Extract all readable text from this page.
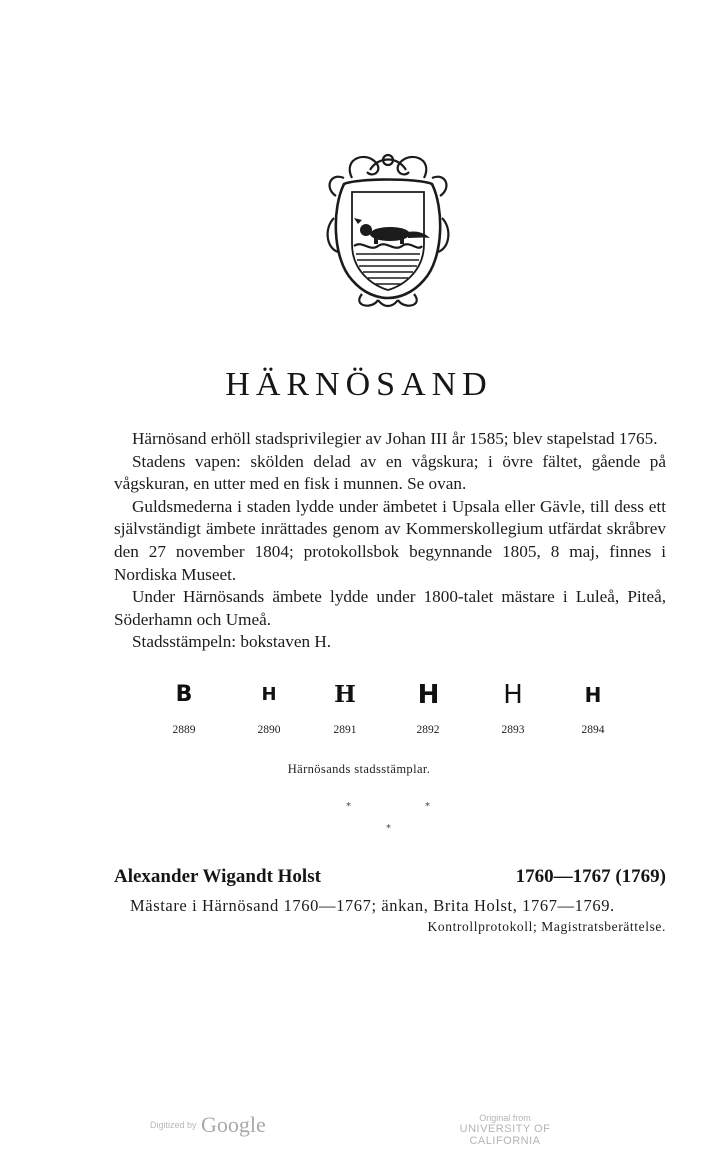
HÄRNÖSAND

Härnösand erhöll stadsprivilegier av Johan III år 1585; blev stapelstad 1765.

Stadens vapen: skölden delad av en vågskura; i övre fältet, gående på vågskuran, en utter med en fisk i munnen. Se ovan.

Guldsmederna i staden lydde under ämbetet i Upsala eller Gävle, till dess ett självständigt ämbete inrättades genom av Kommerskollegium utfärdat skråbrev den 27 november 1804; protokollsbok begynnande 1805, 8 maj, finnes i Nordiska Museet.

Under Härnösands ämbete lydde under 1800-talet mästare i Luleå, Piteå, Söderhamn och Umeå.

Stadsstämpeln: bokstaven H.

B
2889
H
2890
H
2891
H
2892
H
2893
H
2894
Härnösands stadsstämplar.
*	*
*
Alexander Wigandt Holst	1760—1767 (1769)
Mästare i Härnösand 1760—1767; änkan, Brita Holst, 1767—1769.
Kontrollprotokoll; Magistratsberättelse.
Digitized by Google	Original from
UNIVERSITY OF CALIFORNIA
